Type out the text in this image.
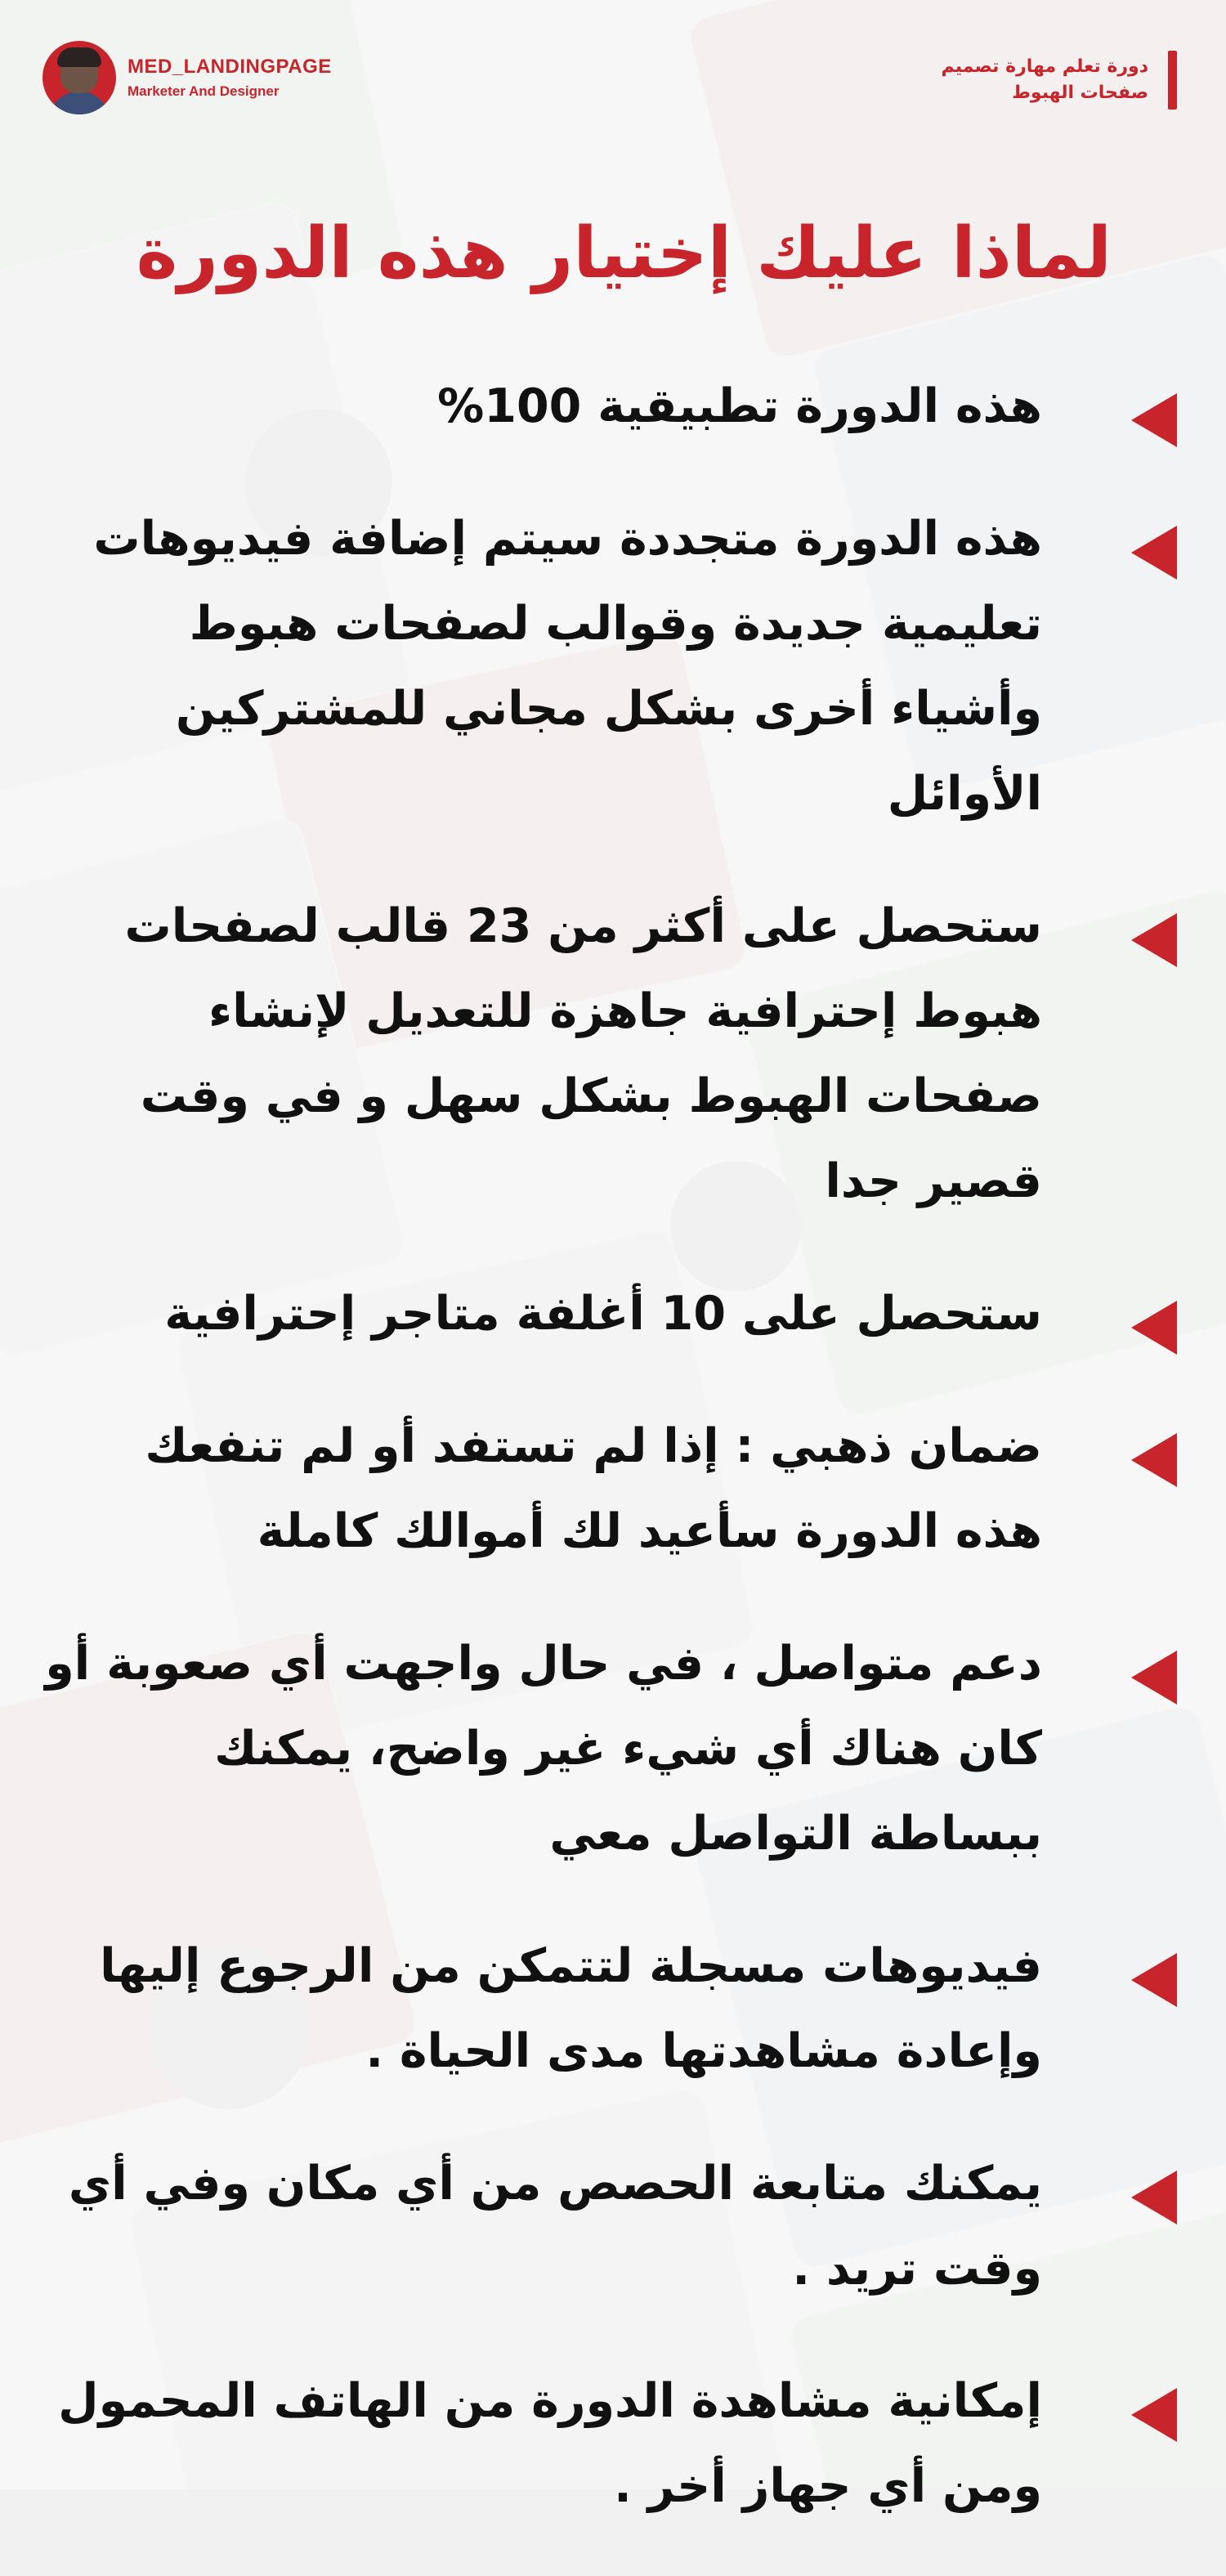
MED_LANDINGPAGE
Marketer And Designer
دورة تعلم مهارة تصميم
صفحات الهبوط
لماذا عليك إختيار هذه الدورة
هذه الدورة تطبيقية 100%
هذه الدورة متجددة سيتم إضافة فيديوهات تعليمية جديدة وقوالب لصفحات هبوط وأشياء أخرى بشكل مجاني للمشتركين الأوائل
ستحصل على أكثر من 23 قالب لصفحات هبوط إحترافية جاهزة للتعديل لإنشاء صفحات الهبوط بشكل سهل و في وقت قصير جدا
ستحصل على 10 أغلفة متاجر إحترافية
ضمان ذهبي : إذا لم تستفد أو لم تنفعك هذه الدورة سأعيد لك أموالك كاملة
دعم متواصل ، في حال واجهت أي صعوبة أو كان هناك أي شيء غير واضح، يمكنك ببساطة التواصل معي
فيديوهات مسجلة لتتمكن من الرجوع إليها وإعادة مشاهدتها مدى الحياة .
يمكنك متابعة الحصص من أي مكان وفي أي وقت تريد .
إمكانية مشاهدة الدورة من الهاتف المحمول ومن أي جهاز أخر .
